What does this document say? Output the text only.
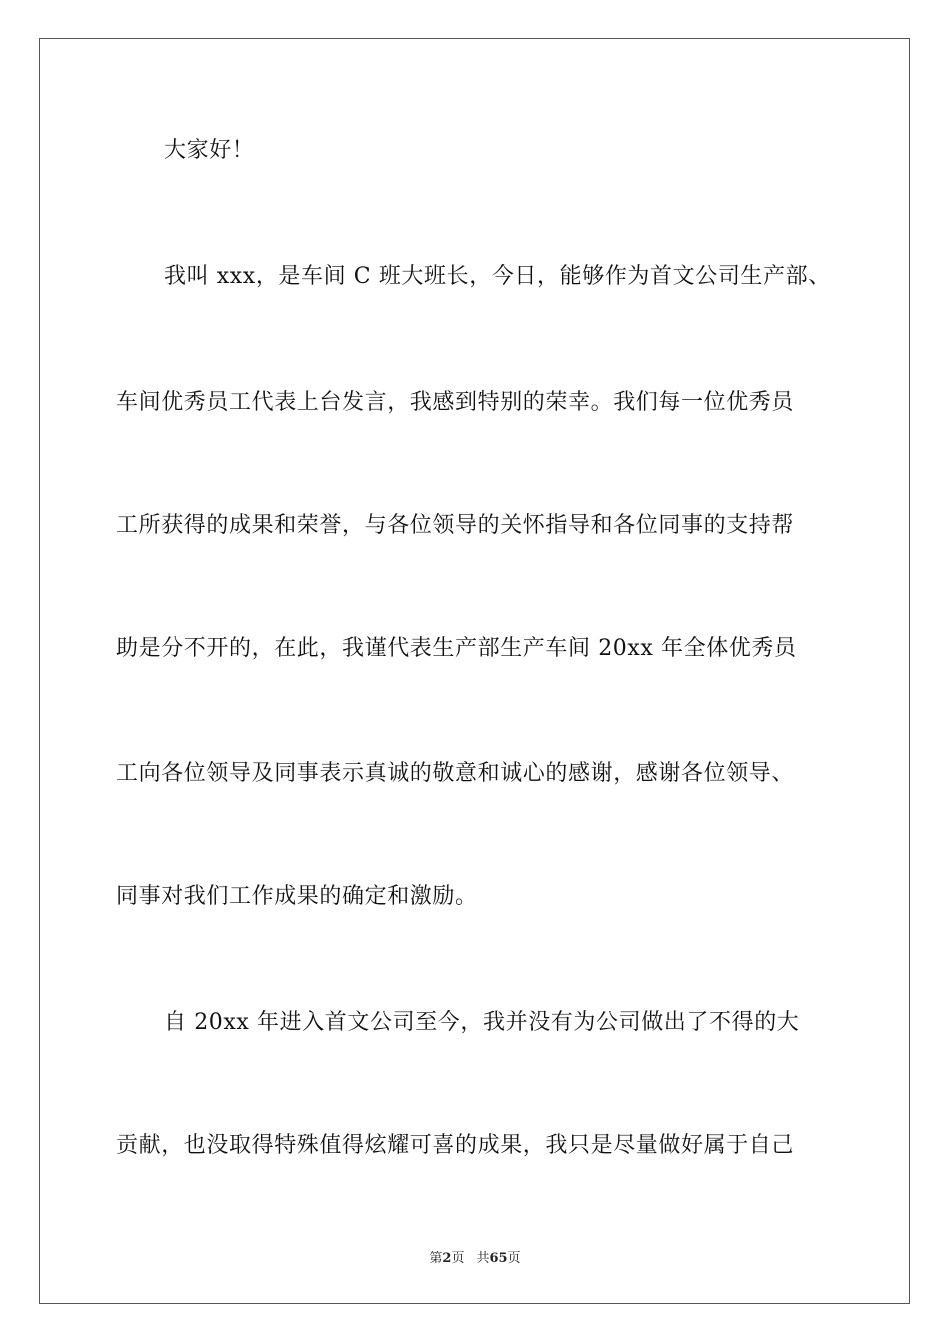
大家好！
我叫 xxx，是车间 C 班大班长，今日，能够作为首文公司生产部、
车间优秀员工代表上台发言，我感到特别的荣幸。我们每一位优秀员
工所获得的成果和荣誉，与各位领导的关怀指导和各位同事的支持帮
助是分不开的，在此，我谨代表生产部生产车间 20xx 年全体优秀员
工向各位领导及同事表示真诚的敬意和诚心的感谢，感谢各位领导、
同事对我们工作成果的确定和激励。
自 20xx 年进入首文公司至今，我并没有为公司做出了不得的大
贡献，也没取得特殊值得炫耀可喜的成果，我只是尽量做好属于自己
第2页 共65页
